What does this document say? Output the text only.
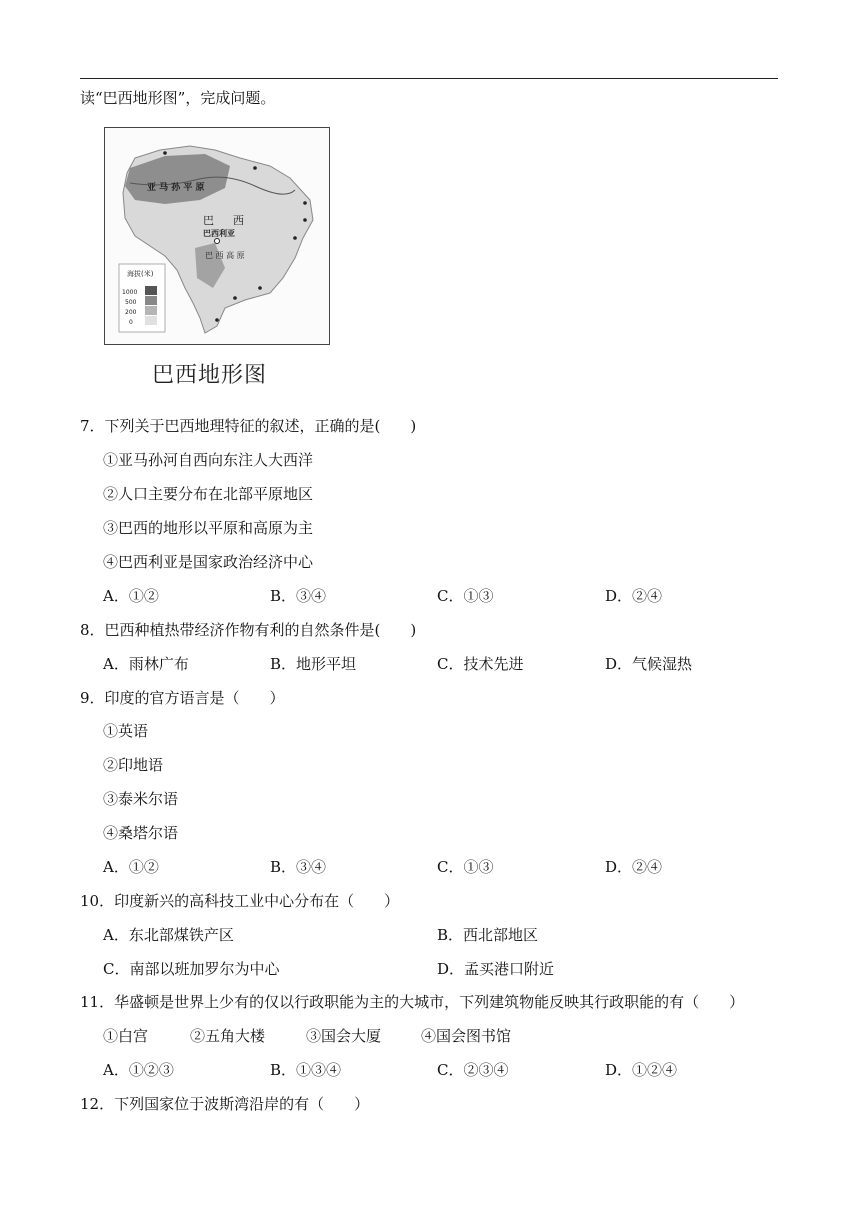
读“巴西地形图”，完成问题。
亚 马 孙 平 原
巴 西
巴西利亚
巴 西 高 原
海拔(米)
1000
500
200
0
巴西地形图
7．下列关于巴西地理特征的叙述，正确的是(　　)
①亚马孙河自西向东注人大西洋
②人口主要分布在北部平原地区
③巴西的地形以平原和高原为主
④巴西利亚是国家政治经济中心
A．①②	B．③④	C．①③	D．②④
8．巴西种植热带经济作物有利的自然条件是(　　)
A．雨林广布	B．地形平坦	C．技术先进	D．气候湿热
9．印度的官方语言是（　　）
①英语
②印地语
③泰米尔语
④桑塔尔语
A．①②	B．③④	C．①③	D．②④
10．印度新兴的高科技工业中心分布在（　　）
A．东北部煤铁产区	B．西北部地区
C．南部以班加罗尔为中心	D．孟买港口附近
11．华盛顿是世界上少有的仅以行政职能为主的大城市，下列建筑物能反映其行政职能的有（　　）
①白宫	②五角大楼	③国会大厦	④国会图书馆
A．①②③	B．①③④	C．②③④	D．①②④
12．下列国家位于波斯湾沿岸的有（　　）
